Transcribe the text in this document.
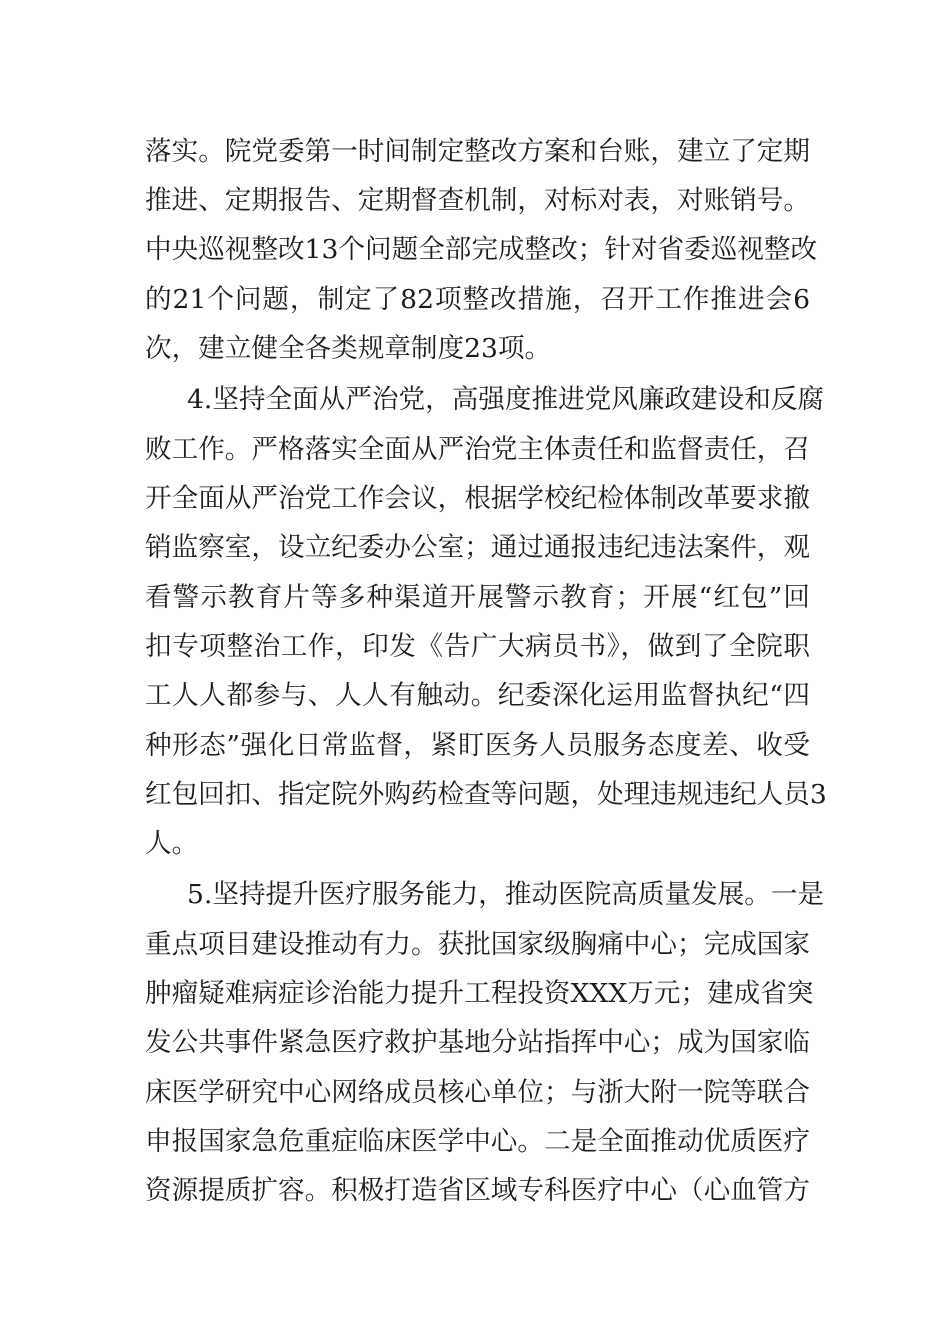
落实。院党委第一时间制定整改方案和台账，建立了定期
推进、定期报告、定期督查机制，对标对表，对账销号。
中央巡视整改13个问题全部完成整改；针对省委巡视整改
的21个问题，制定了82项整改措施，召开工作推进会6
次，建立健全各类规章制度23项。
4.坚持全面从严治党，高强度推进党风廉政建设和反腐
败工作。严格落实全面从严治党主体责任和监督责任，召
开全面从严治党工作会议，根据学校纪检体制改革要求撤
销监察室，设立纪委办公室；通过通报违纪违法案件，观
看警示教育片等多种渠道开展警示教育；开展“红包”回
扣专项整治工作，印发《告广大病员书》，做到了全院职
工人人都参与、人人有触动。纪委深化运用监督执纪“四
种形态”强化日常监督，紧盯医务人员服务态度差、收受
红包回扣、指定院外购药检查等问题，处理违规违纪人员3
人。
5.坚持提升医疗服务能力，推动医院高质量发展。一是
重点项目建设推动有力。获批国家级胸痛中心；完成国家
肿瘤疑难病症诊治能力提升工程投资XXX万元；建成省突
发公共事件紧急医疗救护基地分站指挥中心；成为国家临
床医学研究中心网络成员核心单位；与浙大附一院等联合
申报国家急危重症临床医学中心。二是全面推动优质医疗
资源提质扩容。积极打造省区域专科医疗中心（心血管方
